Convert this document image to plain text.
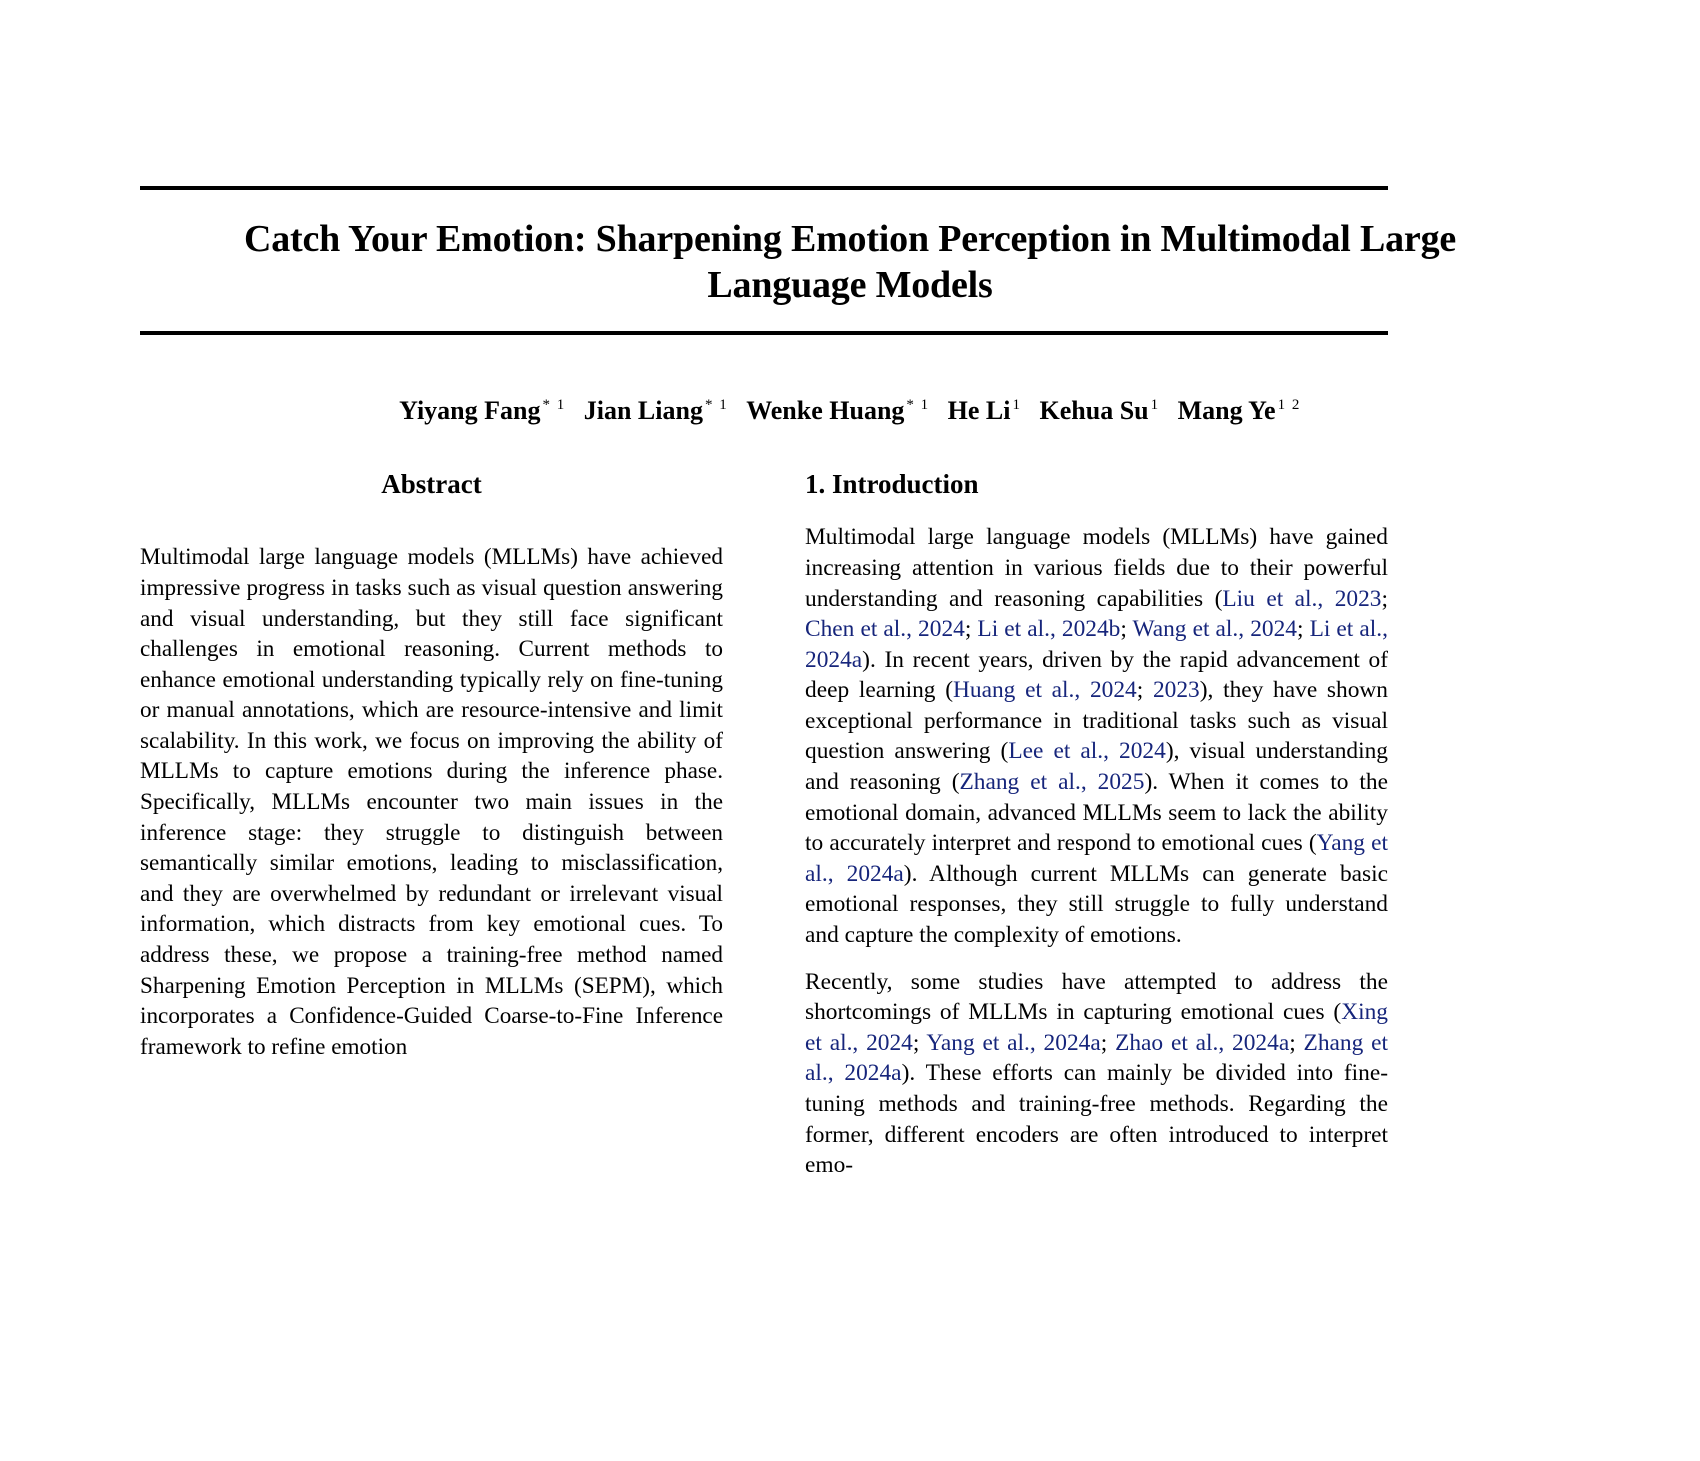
Catch Your Emotion: Sharpening Emotion Perception in Multimodal Large Language Models
Yiyang Fang $^{* 1}$ Jian Liang $^{* 1}$ Wenke Huang $^{* 1}$ He Li $^1$ Kehua Su $^1$ Mang Ye $^{1 2}$
Abstract

Multimodal large language models (MLLMs) have achieved impressive progress in tasks such as visual question answering and visual understanding, but they still face significant challenges in emotional reasoning. Current methods to enhance emotional understanding typically rely on fine-tuning or manual annotations, which are resource-intensive and limit scalability. In this work, we focus on improving the ability of MLLMs to capture emotions during the inference phase. Specifically, MLLMs encounter two main issues in the inference stage: they struggle to distinguish between semantically similar emotions, leading to misclassification, and they are overwhelmed by redundant or irrelevant visual information, which distracts from key emotional cues. To address these, we propose a training-free method named Sharpening Emotion Perception in MLLMs (SEPM), which incorporates a Confidence-Guided Coarse-to-Fine Inference framework to refine emotion

1. Introduction

Multimodal large language models (MLLMs) have gained increasing attention in various fields due to their powerful understanding and reasoning capabilities (Liu et al., 2023; Chen et al., 2024; Li et al., 2024b; Wang et al., 2024; Li et al., 2024a). In recent years, driven by the rapid advancement of deep learning (Huang et al., 2024; 2023), they have shown exceptional performance in traditional tasks such as visual question answering (Lee et al., 2024), visual understanding and reasoning (Zhang et al., 2025). When it comes to the emotional domain, advanced MLLMs seem to lack the ability to accurately interpret and respond to emotional cues (Yang et al., 2024a). Although current MLLMs can generate basic emotional responses, they still struggle to fully understand and capture the complexity of emotions.

Recently, some studies have attempted to address the shortcomings of MLLMs in capturing emotional cues (Xing et al., 2024; Yang et al., 2024a; Zhao et al., 2024a; Zhang et al., 2024a). These efforts can mainly be divided into fine-tuning methods and training-free methods. Regarding the former, different encoders are often introduced to interpret emo-
